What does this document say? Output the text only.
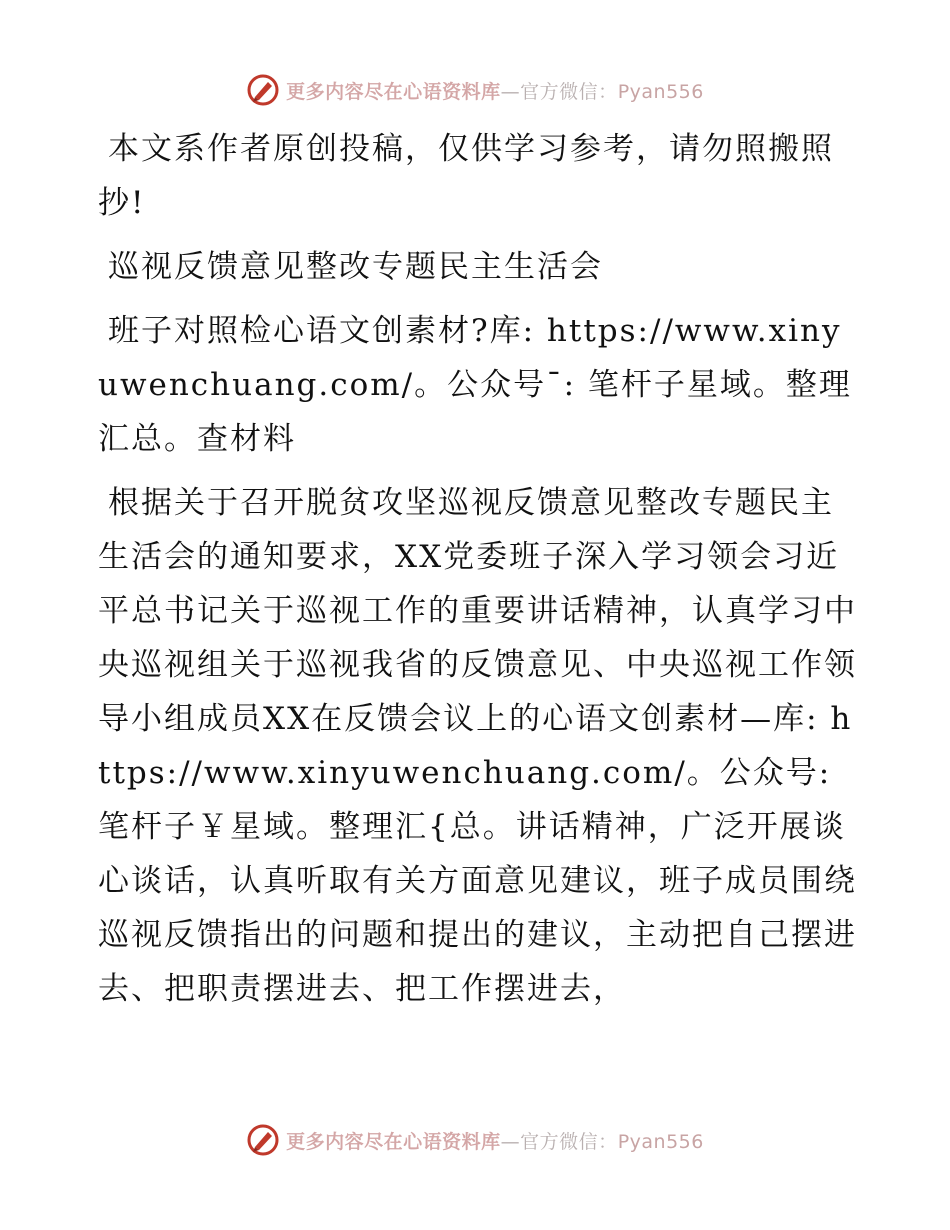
更多内容尽在心语资料库—官方微信：Pyan556

本文系作者原创投稿，仅供学习参考，请勿照搬照抄!

巡视反馈意见整改专题民主生活会

班子对照检心语文创素材?库: https://www.xinyuwenchuang.com/。公众号¯: 笔杆子星域。整理汇总。查材料

根据关于召开脱贫攻坚巡视反馈意见整改专题民主生活会的通知要求，XX党委班子深入学习领会习近平总书记关于巡视工作的重要讲话精神，认真学习中央巡视组关于巡视我省的反馈意见、中央巡视工作领导小组成员XX在反馈会议上的心语文创素材—库: https://www.xinyuwenchuang.com/。公众号: 笔杆子￥星域。整理汇{总。讲话精神，广泛开展谈心谈话，认真听取有关方面意见建议，班子成员围绕巡视反馈指出的问题和提出的建议，主动把自己摆进去、把职责摆进去、把工作摆进去，

更多内容尽在心语资料库—官方微信：Pyan556
